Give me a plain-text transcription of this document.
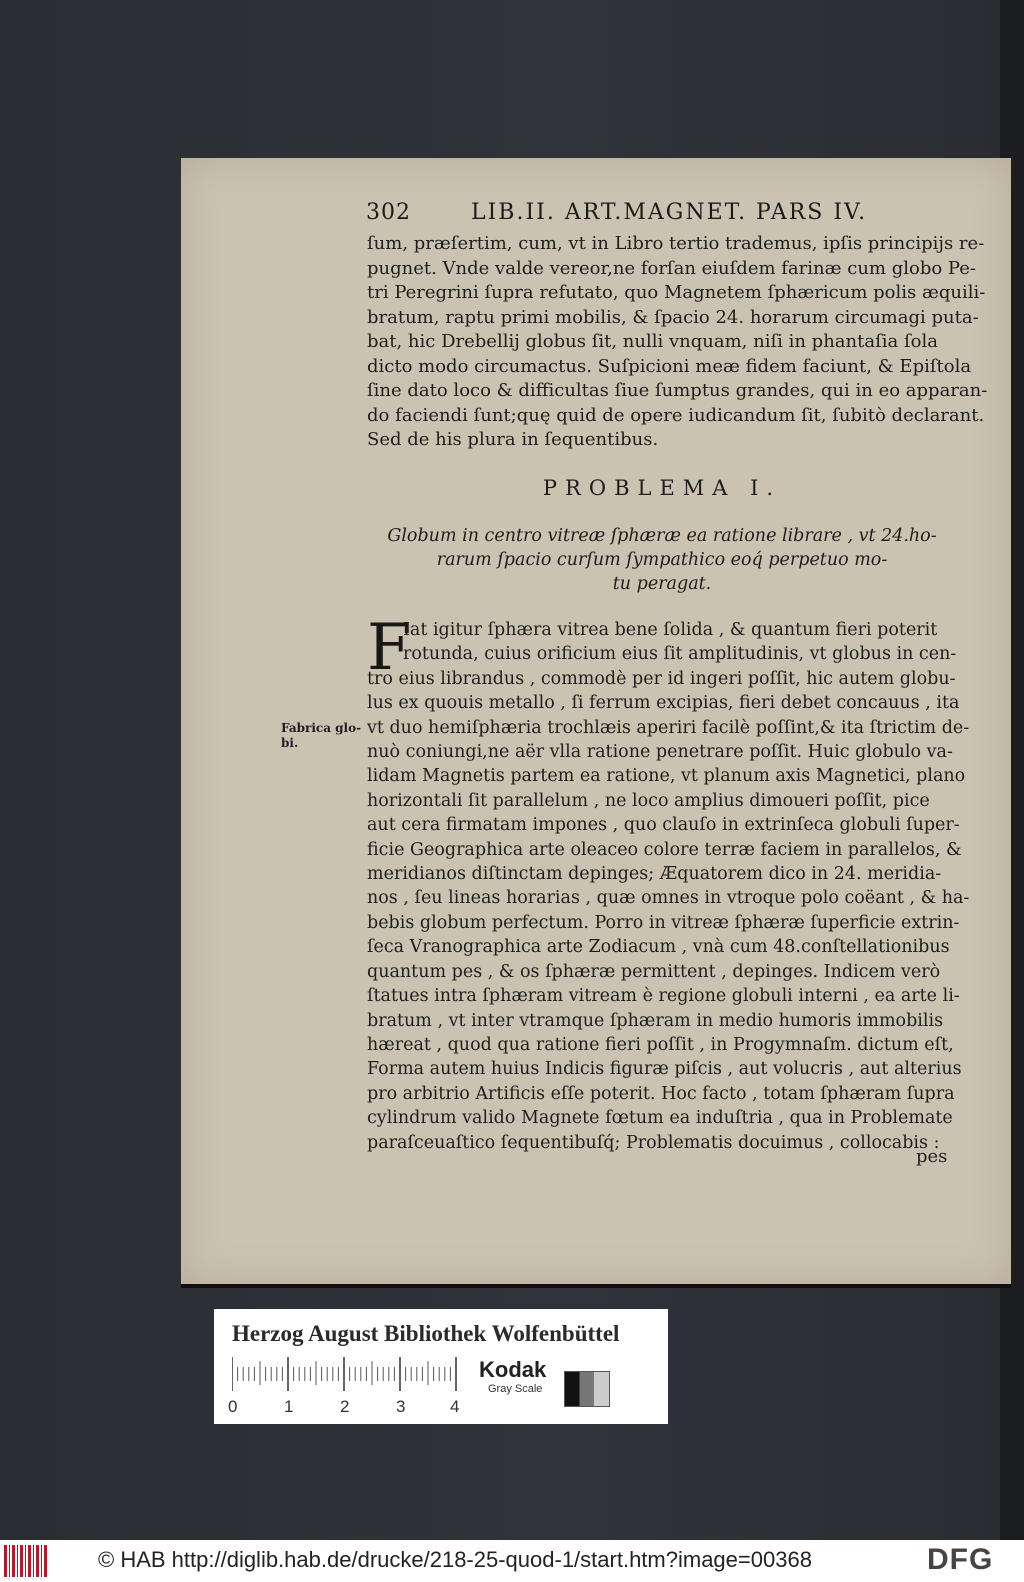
302	LIB.II. ART.MAGNET. PARS IV.
ſum, præſertim, cum, vt in Libro tertio trademus, ipſis principijs re-
pugnet. Vnde valde vereor,ne forſan eiuſdem farinæ cum globo Pe-
tri Peregrini ſupra refutato, quo Magnetem ſphæricum polis æquili-
bratum, raptu primi mobilis, & ſpacio 24. horarum circumagi puta-
bat, hic Drebellij globus ſit, nulli vnquam, niſi in phantaſia ſola
dicto modo circumactus. Suſpicioni meæ fidem faciunt, & Epiſtola
ſine dato loco & difficultas ſiue ſumptus grandes, qui in eo apparan-
do faciendi ſunt;quę quid de opere iudicandum ſit, ſubitò declarant.
Sed de his plura in ſequentibus.
PROBLEMA I.
Globum in centro vitreæ ſphæræ ea ratione librare , vt 24.ho-
rarum ſpacio curſum ſympathico eoq́ perpetuo mo-
tu peragat.
F
Fabrica glo- bi.
Iat igitur ſphæra vitrea bene ſolida , & quantum fieri poterit
rotunda, cuius orificium eius ſit amplitudinis, vt globus in cen-
tro eius librandus , commodè per id ingeri poſſit, hic autem globu-
lus ex quouis metallo , ſi ferrum excipias, fieri debet concauus , ita
vt duo hemiſphæria trochlæis aperiri facilè poſſint,& ita ſtrictim de-
nuò coniungi,ne aër vlla ratione penetrare poſſit. Huic globulo va-
lidam Magnetis partem ea ratione, vt planum axis Magnetici, plano
horizontali ſit parallelum , ne loco amplius dimoueri poſſit, pice
aut cera firmatam impones , quo clauſo in extrinſeca globuli ſuper-
ficie Geographica arte oleaceo colore terræ faciem in parallelos, &
meridianos diſtinctam depinges; Æquatorem dico in 24. meridia-
nos , ſeu lineas horarias , quæ omnes in vtroque polo coëant , & ha-
bebis globum perfectum. Porro in vitreæ ſphæræ ſuperficie extrin-
ſeca Vranographica arte Zodiacum , vnà cum 48.conſtellationibus
quantum pes , & os ſphæræ permittent , depinges. Indicem verò
ſtatues intra ſphæram vitream è regione globuli interni , ea arte li-
bratum , vt inter vtramque ſphæram in medio humoris immobilis
hæreat , quod qua ratione fieri poſſit , in Progymnaſm. dictum eſt,
Forma autem huius Indicis figuræ piſcis , aut volucris , aut alterius
pro arbitrio Artificis eſſe poterit. Hoc facto , totam ſphæram ſupra
cylindrum valido Magnete fœtum ea induſtria , qua in Problemate
paraſceuaſtico ſequentibuſq́; Problematis docuimus , collocabis :
pes
Herzog August Bibliothek Wolfenbüttel
0	1	2	3	4
Kodak
Gray Scale
© HAB http://diglib.hab.de/drucke/218-25-quod-1/start.htm?image=00368	DFG
